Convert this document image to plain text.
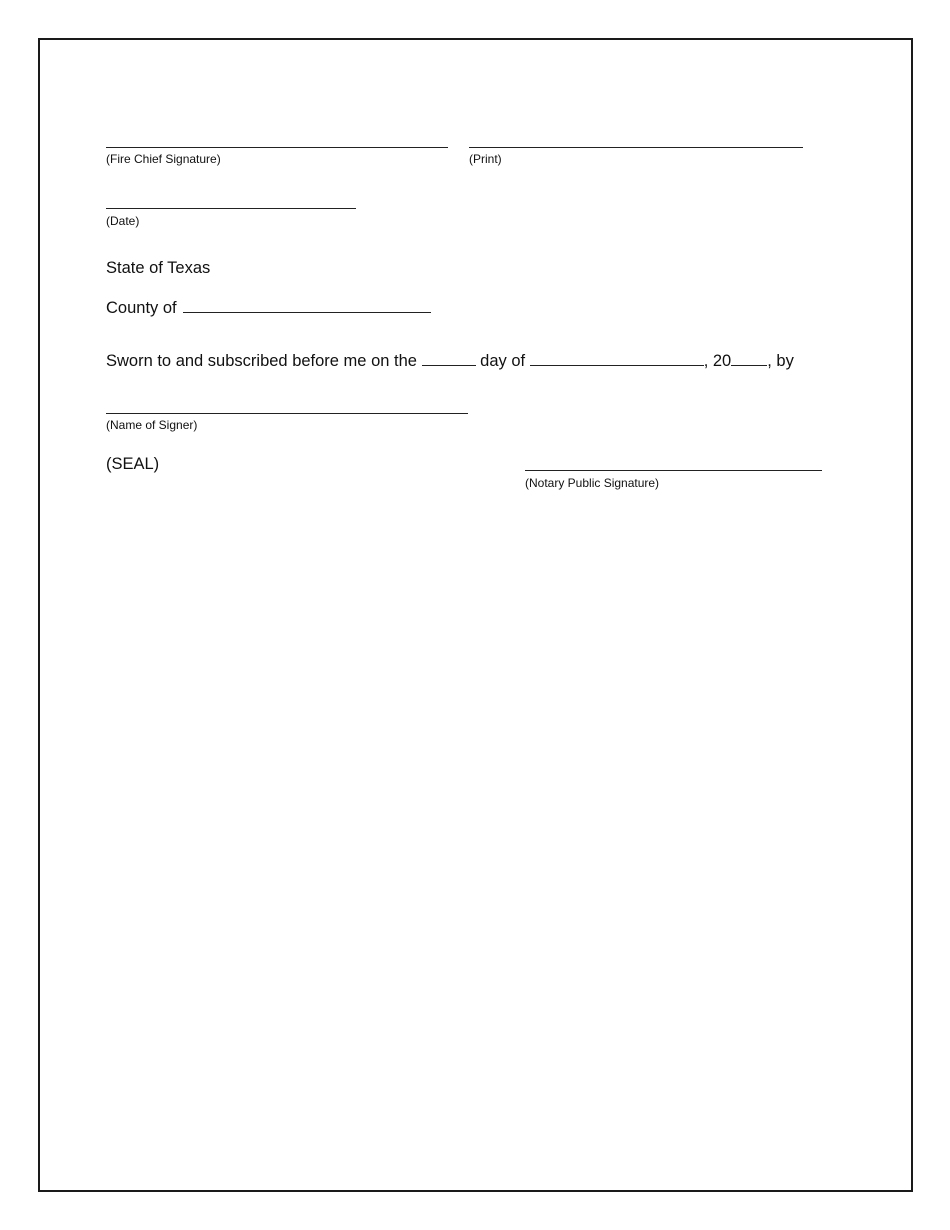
(Fire Chief Signature)	(Print)
(Date)
State of Texas
County of
Sworn to and subscribed before me on the	day of	, 20 , by
(Name of Signer)
(SEAL)
(Notary Public Signature)
